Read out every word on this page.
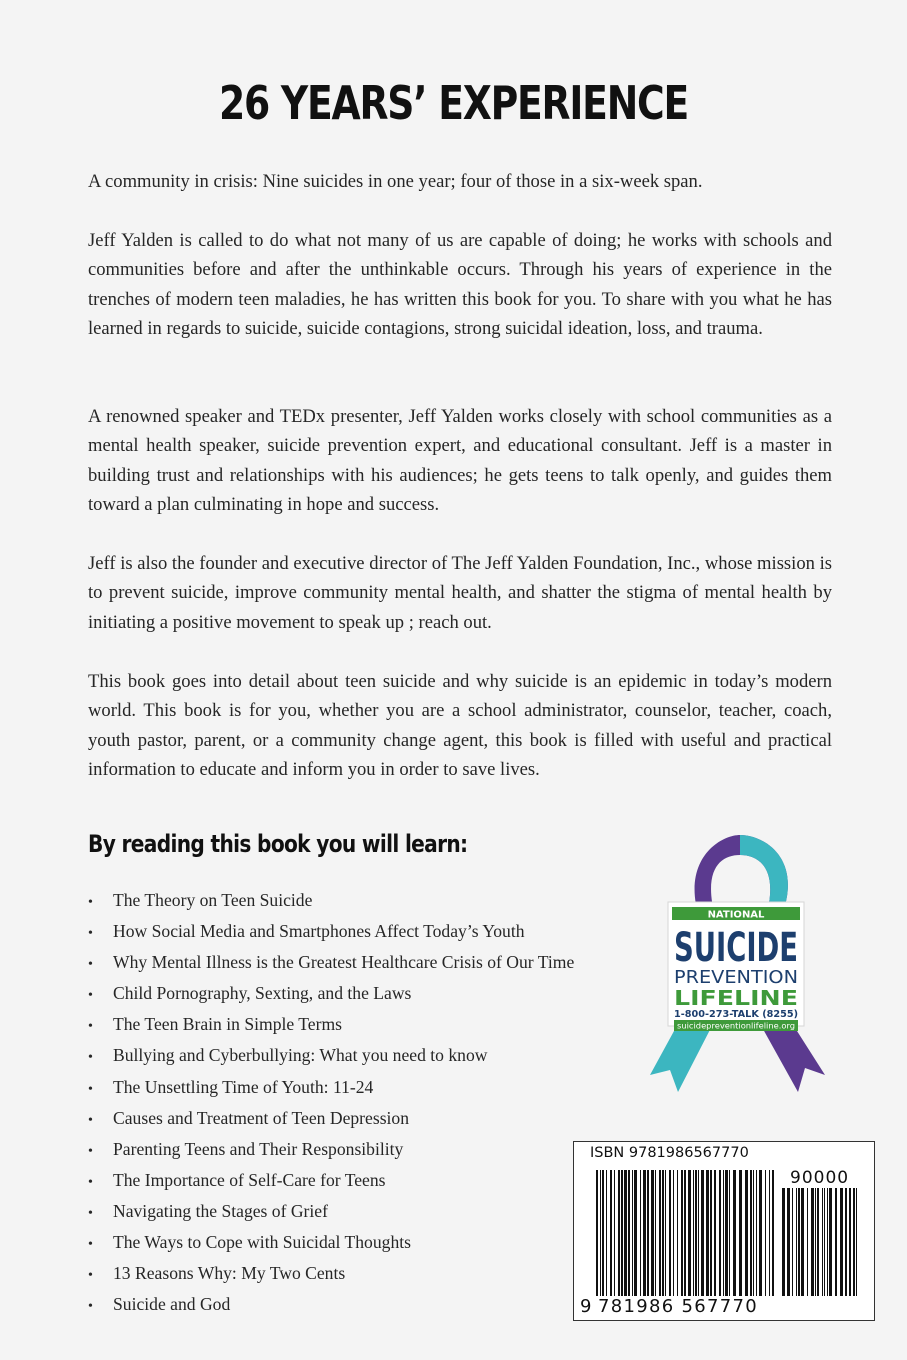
26 YEARS’ EXPERIENCE

A community in crisis: Nine suicides in one year; four of those in a six-week span.

Jeff Yalden is called to do what not many of us are capable of doing; he works with schools and communities before and after the unthinkable occurs. Through his years of experience in the trenches of modern teen maladies, he has written this book for you. To share with you what he has learned in regards to suicide, suicide contagions, strong suicidal ideation, loss, and trauma.

A renowned speaker and TEDx presenter, Jeff Yalden works closely with school communities as a mental health speaker, suicide prevention expert, and educational consultant. Jeff is a master in building trust and relationships with his audiences; he gets teens to talk openly, and guides them toward a plan culminating in hope and success.

Jeff is also the founder and executive director of The Jeff Yalden Foundation, Inc., whose mission is to prevent suicide, improve community mental health, and shatter the stigma of mental health by initiating a positive movement to speak up ; reach out.

This book goes into detail about teen suicide and why suicide is an epidemic in today’s modern world. This book is for you, whether you are a school administrator, counselor, teacher, coach, youth pastor, parent, or a community change agent, this book is filled with useful and practical information to educate and inform you in order to save lives.

By reading this book you will learn:
• The Theory on Teen Suicide
• How Social Media and Smartphones Affect Today’s Youth
• Why Mental Illness is the Greatest Healthcare Crisis of Our Time
• Child Pornography, Sexting, and the Laws
• The Teen Brain in Simple Terms
• Bullying and Cyberbullying: What you need to know
• The Unsettling Time of Youth: 11-24
• Causes and Treatment of Teen Depression
• Parenting Teens and Their Responsibility
• The Importance of Self-Care for Teens
• Navigating the Stages of Grief
• The Ways to Cope with Suicidal Thoughts
• 13 Reasons Why: My Two Cents
• Suicide and God
NATIONAL
SUICIDE
PREVENTION
LIFELINE
1-800-273-TALK (8255)
suicidepreventionlifeline.org
ISBN 9781986567770
90000
9 781986 567770
